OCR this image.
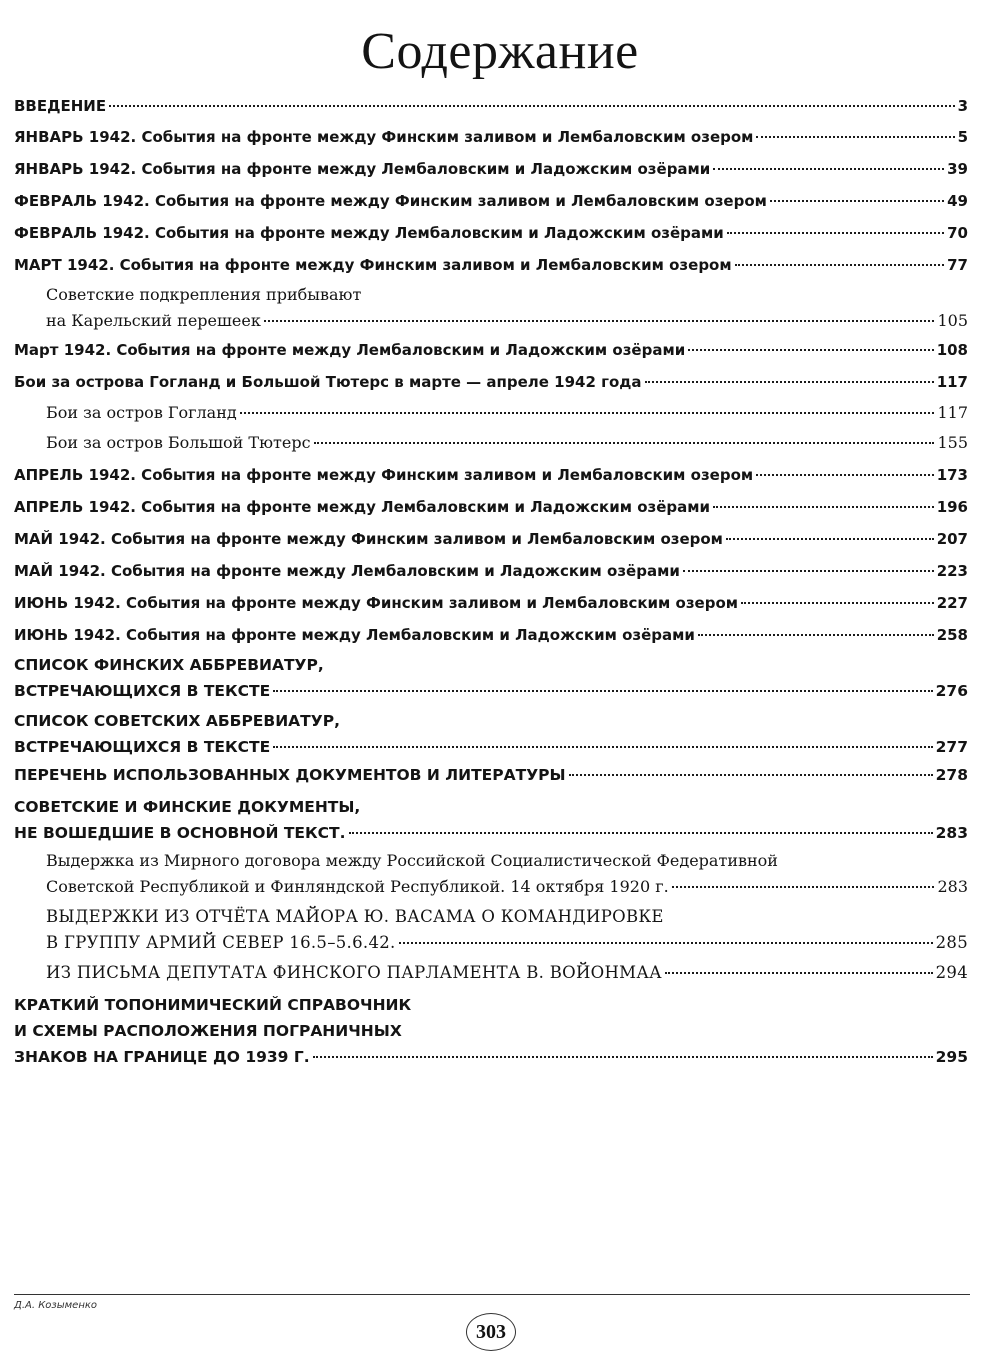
Содержание
ВВЕДЕНИЕ	3
ЯНВАРЬ 1942. События на фронте между Финским заливом и Лембаловским озером	5
ЯНВАРЬ 1942. События на фронте между Лембаловским и Ладожским озёрами	39
ФЕВРАЛЬ 1942. События на фронте между Финским заливом и Лембаловским озером	49
ФЕВРАЛЬ 1942. События на фронте между Лембаловским и Ладожским озёрами	70
МАРТ 1942. События на фронте между Финским заливом и Лембаловским озером	77
Советские подкрепления прибывают
на Карельский перешеек	105
Март 1942. События на фронте между Лембаловским и Ладожским озёрами	108
Бои за острова Гогланд и Большой Тютерс в марте — апреле 1942 года	117
Бои за остров Гогланд	117
Бои за остров Большой Тютерс	155
АПРЕЛЬ 1942. События на фронте между Финским заливом и Лембаловским озером	173
АПРЕЛЬ 1942. События на фронте между Лембаловским и Ладожским озёрами	196
МАЙ 1942. События на фронте между Финским заливом и Лембаловским озером	207
МАЙ 1942. События на фронте между Лембаловским и Ладожским озёрами	223
ИЮНЬ 1942. События на фронте между Финским заливом и Лембаловским озером	227
ИЮНЬ 1942. События на фронте между Лембаловским и Ладожским озёрами	258
СПИСОК ФИНСКИХ АББРЕВИАТУР,
ВСТРЕЧАЮЩИХСЯ В ТЕКСТЕ	276
СПИСОК СОВЕТСКИХ АББРЕВИАТУР,
ВСТРЕЧАЮЩИХСЯ В ТЕКСТЕ	277
ПЕРЕЧЕНЬ ИСПОЛЬЗОВАННЫХ ДОКУМЕНТОВ И ЛИТЕРАТУРЫ	278
СОВЕТСКИЕ И ФИНСКИЕ ДОКУМЕНТЫ,
НЕ ВОШЕДШИЕ В ОСНОВНОЙ ТЕКСТ.	283
Выдержка из Мирного договора между Российской Социалистической Федеративной
Советской Республикой и Финляндской Республикой. 14 октября 1920 г.	283
ВЫДЕРЖКИ ИЗ ОТЧЁТА МАЙОРА Ю. ВАСАМА О КОМАНДИРОВКЕ
В ГРУППУ АРМИЙ СЕВЕР 16.5–5.6.42.	285
ИЗ ПИСЬМА ДЕПУТАТА ФИНСКОГО ПАРЛАМЕНТА В. ВОЙОНМАА	294
КРАТКИЙ ТОПОНИМИЧЕСКИЙ СПРАВОЧНИК
И СХЕМЫ РАСПОЛОЖЕНИЯ ПОГРАНИЧНЫХ
ЗНАКОВ НА ГРАНИЦЕ ДО 1939 Г.	295
Д.А. Козыменко
303
